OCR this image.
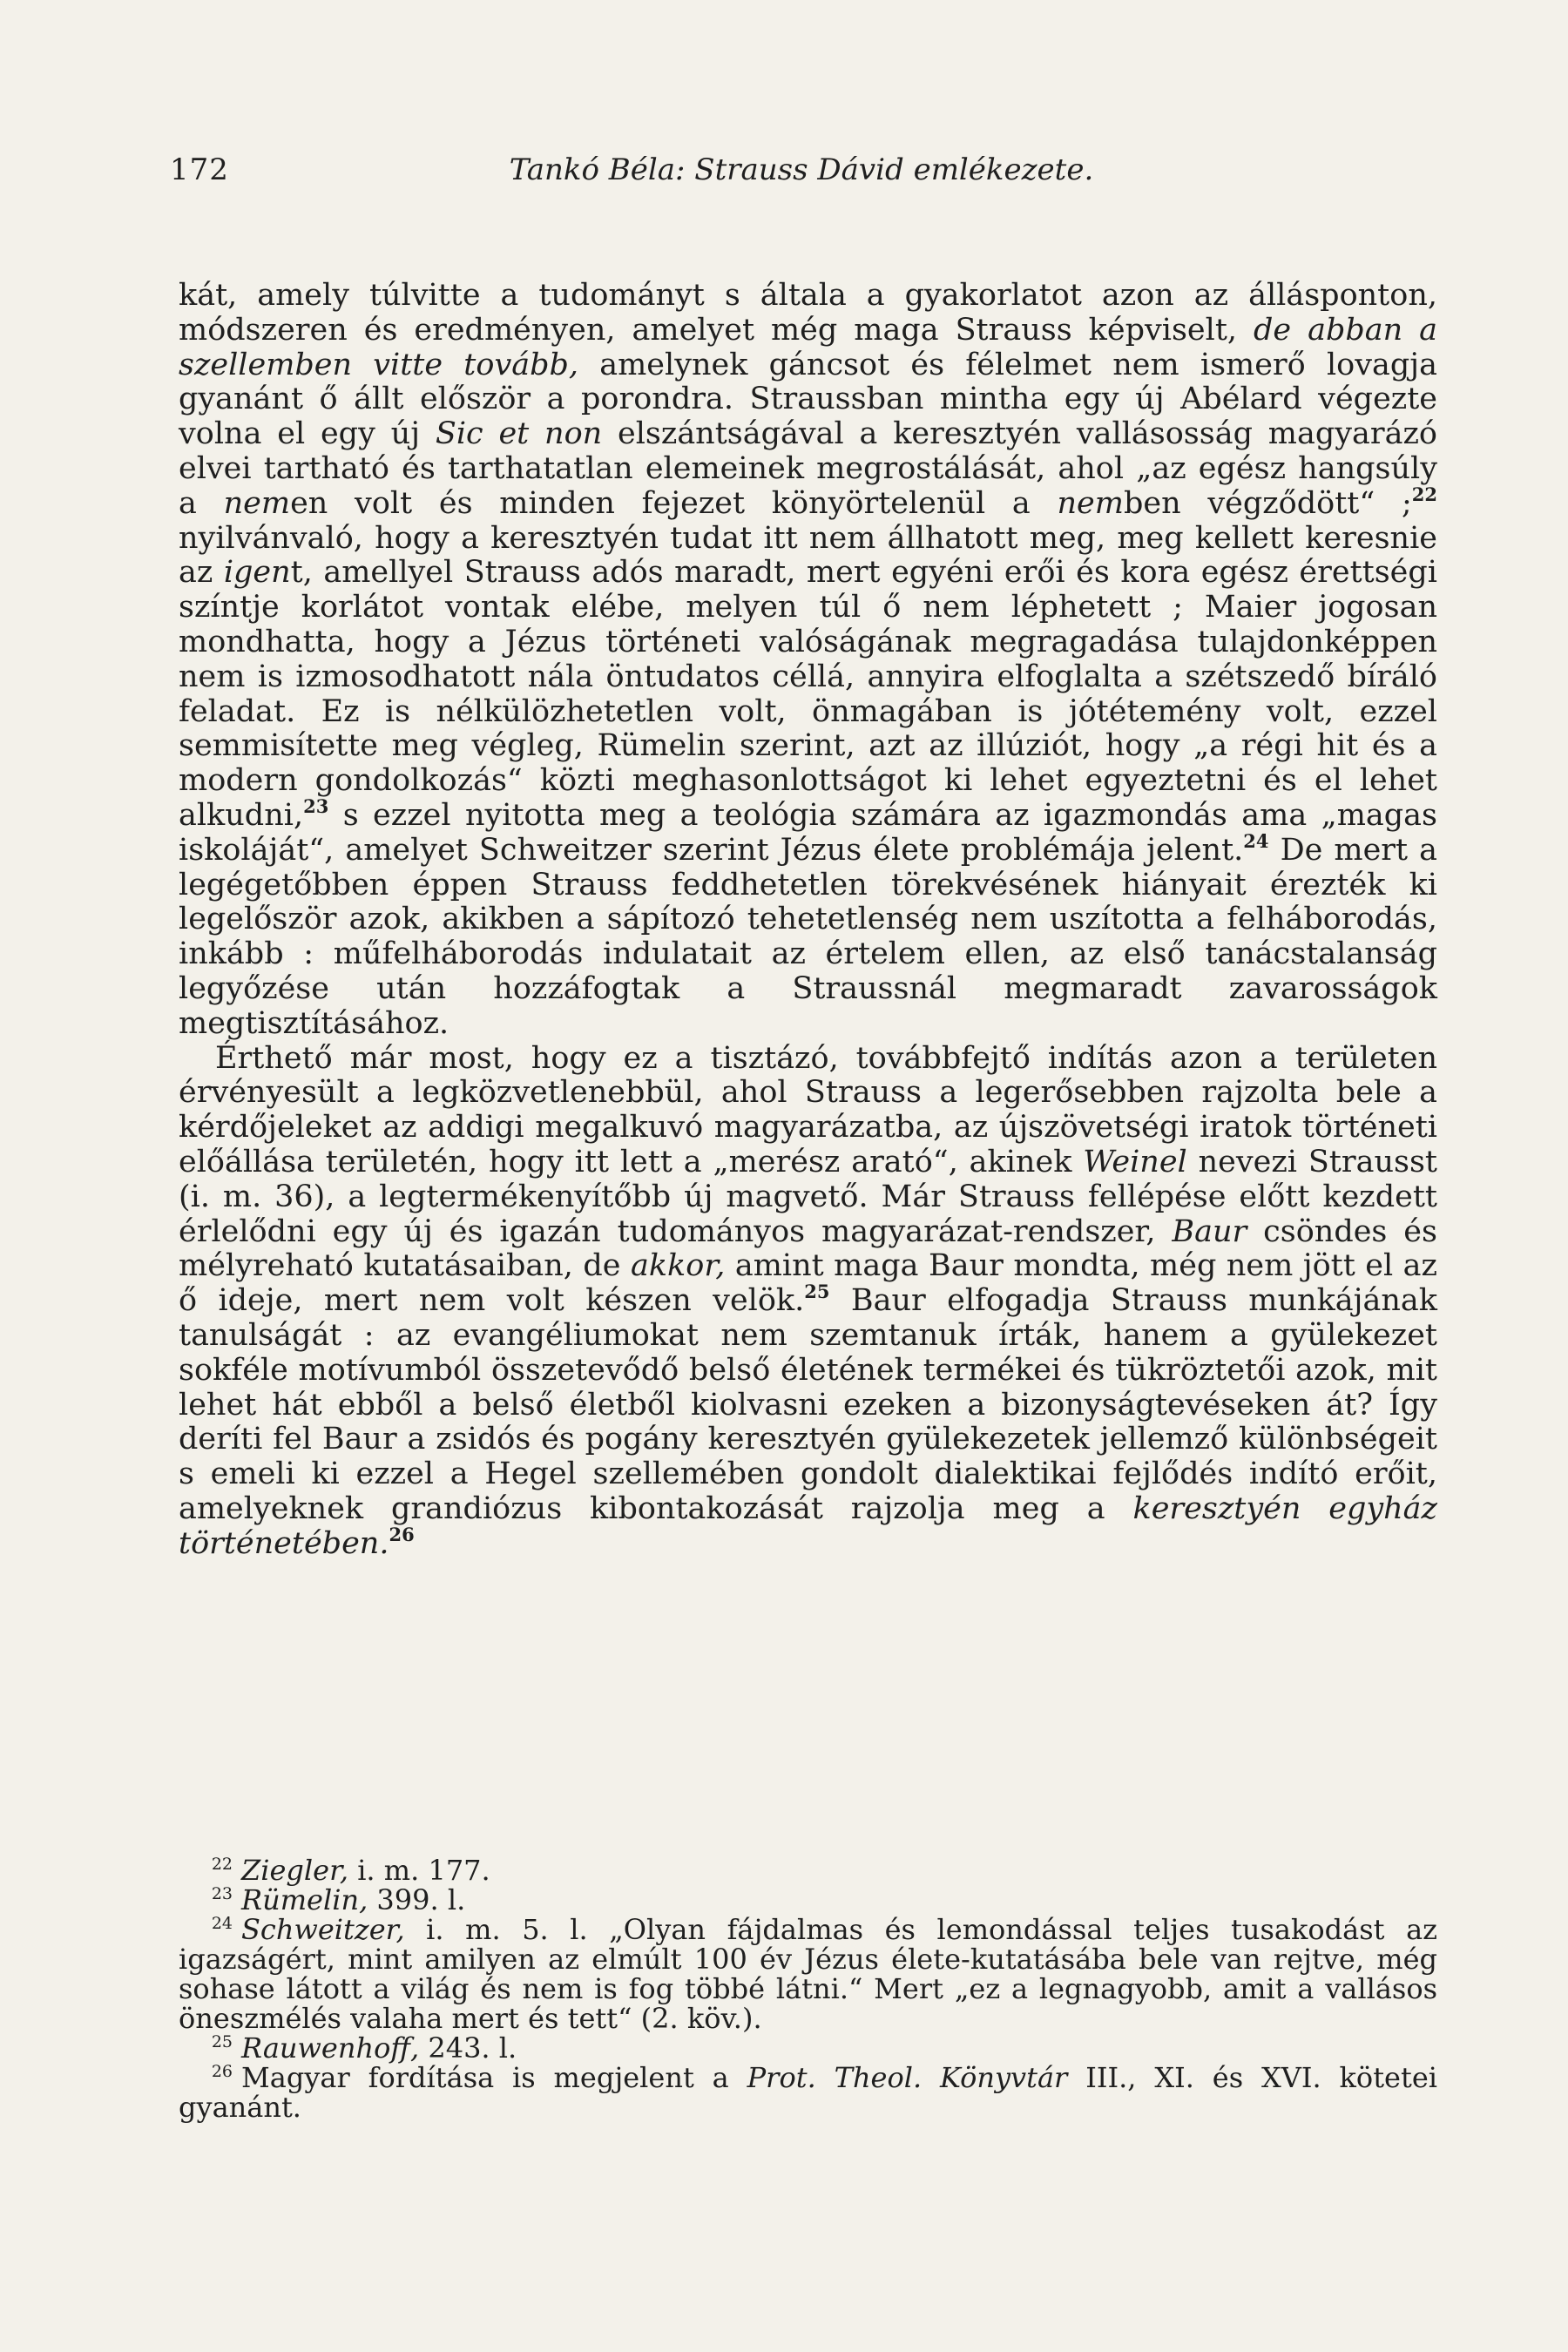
172	Tankó Béla: Strauss Dávid emlékezete.

kát, amely túlvitte a tudományt s általa a gyakorlatot azon az állásponton, módszeren és eredményen, amelyet még maga Strauss képviselt, de abban a szellemben vitte tovább, amelynek gáncsot és félelmet nem ismerő lovagja gyanánt ő állt először a porondra. Straussban mintha egy új Abélard végezte volna el egy új Sic et non elszántságával a keresztyén vallásosság magyarázó elvei tartható és tarthatatlan elemeinek megrostálását, ahol „az egész hangsúly a nemen volt és minden fejezet könyörtelenül a nemben végződött“ ;$^{22}$ nyilvánvaló, hogy a keresztyén tudat itt nem állhatott meg, meg kellett keresnie az igent, amellyel Strauss adós maradt, mert egyéni erői és kora egész érettségi színtje korlátot vontak elébe, melyen túl ő nem léphetett ; Maier jogosan mondhatta, hogy a Jézus történeti valóságának megragadása tulajdonképpen nem is izmosodhatott nála öntudatos céllá, annyira elfoglalta a szétszedő bíráló feladat. Ez is nélkülözhetetlen volt, önmagában is jótétemény volt, ezzel semmisítette meg végleg, Rümelin szerint, azt az illúziót, hogy „a régi hit és a modern gondolkozás“ közti meghasonlottságot ki lehet egyeztetni és el lehet alkudni,$^{23}$ s ezzel nyitotta meg a teológia számára az igazmondás ama „magas iskoláját“, amelyet Schweitzer szerint Jézus élete problémája jelent.$^{24}$ De mert a legégetőbben éppen Strauss feddhetetlen törekvésének hiányait érezték ki legelőször azok, akikben a sápítozó tehetetlenség nem uszította a felháborodás, inkább : műfelháborodás indulatait az értelem ellen, az első tanácstalanság legyőzése után hozzáfogtak a Straussnál megmaradt zavarosságok megtisztításához.

Érthető már most, hogy ez a tisztázó, továbbfejtő indítás azon a területen érvényesült a legközvetlenebbül, ahol Strauss a legerősebben rajzolta bele a kérdőjeleket az addigi megalkuvó magyarázatba, az újszövetségi iratok történeti előállása területén, hogy itt lett a „merész arató“, akinek Weinel nevezi Strausst (i. m. 36), a legtermékenyítőbb új magvető. Már Strauss fellépése előtt kezdett érlelődni egy új és igazán tudományos magyarázat-rendszer, Baur csöndes és mélyreható kutatásaiban, de akkor, amint maga Baur mondta, még nem jött el az ő ideje, mert nem volt készen velök.$^{25}$ Baur elfogadja Strauss munkájának tanulságát : az evangéliumokat nem szemtanuk írták, hanem a gyülekezet sokféle motívumból összetevődő belső életének termékei és tükröztetői azok, mit lehet hát ebből a belső életből kiolvasni ezeken a bizonyságtevéseken át? Így deríti fel Baur a zsidós és pogány keresztyén gyülekezetek jellemző különbségeit s emeli ki ezzel a Hegel szellemében gondolt dialektikai fejlődés indító erőit, amelyeknek grandiózus kibontakozását rajzolja meg a keresztyén egyház történetében.$^{26}$

$^{22}$ Ziegler, i. m. 177.

$^{23}$ Rümelin, 399. l.

$^{24}$ Schweitzer, i. m. 5. l. „Olyan fájdalmas és lemondással teljes tusakodást az igazságért, mint amilyen az elmúlt 100 év Jézus élete-kutatásába bele van rejtve, még sohase látott a világ és nem is fog többé látni.“ Mert „ez a legnagyobb, amit a vallásos öneszmélés valaha mert és tett“ (2. köv.).

$^{25}$ Rauwenhoff, 243. l.

$^{26}$ Magyar fordítása is megjelent a Prot. Theol. Könyvtár III., XI. és XVI. kötetei gyanánt.
